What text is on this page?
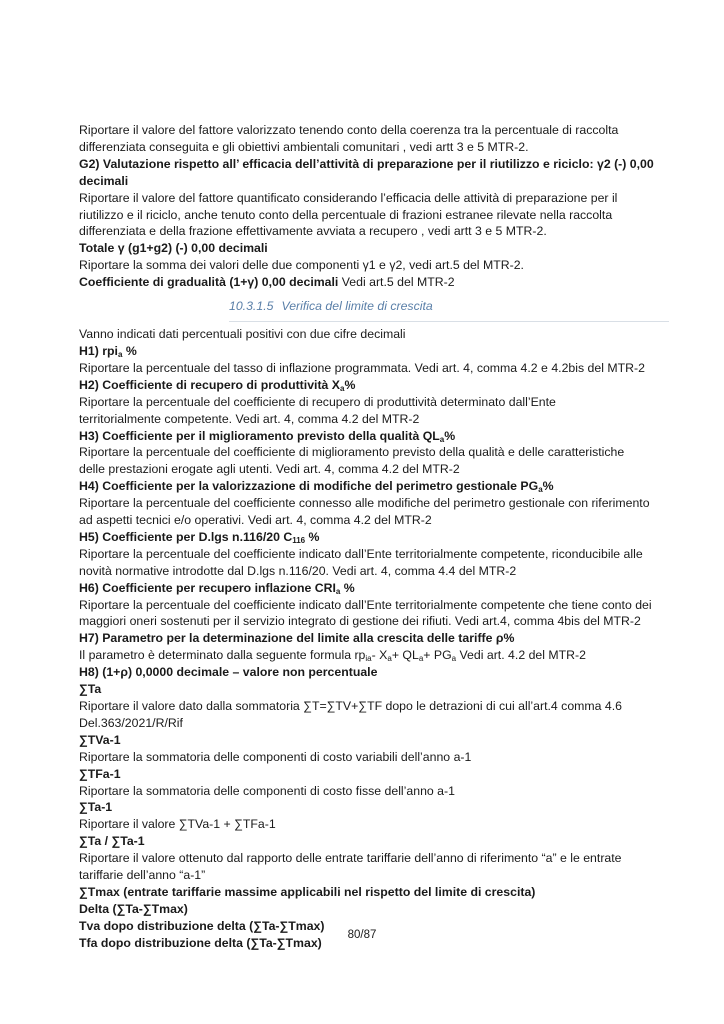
Riportare il valore del fattore valorizzato tenendo conto della coerenza tra la percentuale di raccolta
differenziata conseguita e gli obiettivi ambientali comunitari , vedi artt 3 e 5 MTR-2.
G2) Valutazione rispetto all’ efficacia dell’attività di preparazione per il riutilizzo e riciclo: γ2 (-) 0,00
decimali
Riportare il valore del fattore quantificato considerando l’efficacia delle attività di preparazione per il
riutilizzo e il riciclo, anche tenuto conto della percentuale di frazioni estranee rilevate nella raccolta
differenziata e della frazione effettivamente avviata a recupero , vedi artt 3 e 5 MTR-2.
Totale γ (g1+g2) (-) 0,00 decimali
Riportare la somma dei valori delle due componenti γ1 e γ2, vedi art.5 del MTR-2.
Coefficiente di gradualità (1+γ) 0,00 decimali Vedi art.5 del MTR-2
10.3.1.5 Verifica del limite di crescita
Vanno indicati dati percentuali positivi con due cifre decimali
H1) rpi$_a$ %
Riportare la percentuale del tasso di inflazione programmata. Vedi art. 4, comma 4.2 e 4.2bis del MTR-2
H2) Coefficiente di recupero di produttività $X_a\%$
Riportare la percentuale del coefficiente di recupero di produttività determinato dall’Ente
territorialmente competente. Vedi art. 4, comma 4.2 del MTR-2
H3) Coefficiente per il miglioramento previsto della qualità $QL_a\%$
Riportare la percentuale del coefficiente di miglioramento previsto della qualità e delle caratteristiche
delle prestazioni erogate agli utenti. Vedi art. 4, comma 4.2 del MTR-2
H4) Coefficiente per la valorizzazione di modifiche del perimetro gestionale $PG_a\%$
Riportare la percentuale del coefficiente connesso alle modifiche del perimetro gestionale con riferimento
ad aspetti tecnici e/o operativi. Vedi art. 4, comma 4.2 del MTR-2
H5) Coefficiente per D.lgs n.116/20 $C_{116}$ %
Riportare la percentuale del coefficiente indicato dall’Ente territorialmente competente, riconducibile alle
novità normative introdotte dal D.lgs n.116/20. Vedi art. 4, comma 4.4 del MTR-2
H6) Coefficiente per recupero inflazione $CRI_a$ %
Riportare la percentuale del coefficiente indicato dall’Ente territorialmente competente che tiene conto dei
maggiori oneri sostenuti per il servizio integrato di gestione dei rifiuti. Vedi art.4, comma 4bis del MTR-2
H7) Parametro per la determinazione del limite alla crescita delle tariffe ρ%
Il parametro è determinato dalla seguente formula $rp_{ia}-$ $X_a+ QL_a+ PG_a$ Vedi art. 4.2 del MTR-2
H8) (1+ρ) 0,0000 decimale – valore non percentuale
∑Ta
Riportare il valore dato dalla sommatoria ∑T=∑TV+∑TF dopo le detrazioni di cui all’art.4 comma 4.6
Del.363/2021/R/Rif
∑TVa-1
Riportare la sommatoria delle componenti di costo variabili dell’anno a-1
∑TFa-1
Riportare la sommatoria delle componenti di costo fisse dell’anno a-1
∑Ta-1
Riportare il valore ∑TVa-1 + ∑TFa-1
∑Ta / ∑Ta-1
Riportare il valore ottenuto dal rapporto delle entrate tariffarie dell’anno di riferimento “a” e le entrate
tariffarie dell’anno “a-1”
∑Tmax (entrate tariffarie massime applicabili nel rispetto del limite di crescita)
Delta (∑Ta-∑Tmax)
Tva dopo distribuzione delta (∑Ta-∑Tmax)
Tfa dopo distribuzione delta (∑Ta-∑Tmax)
80/87
